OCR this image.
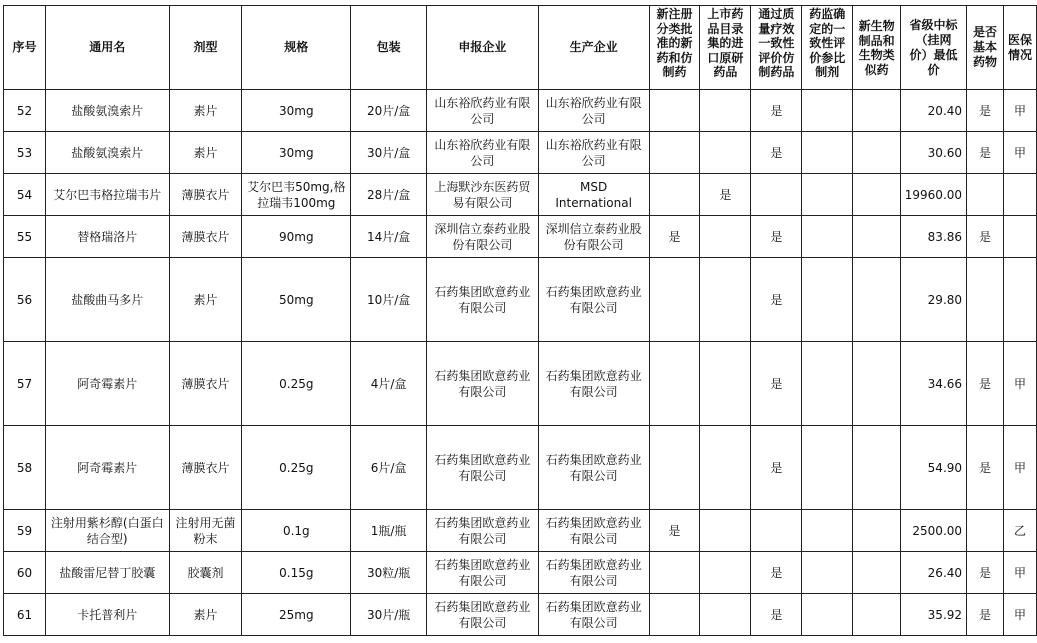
序号	通用名	剂型	规格	包装	申报企业	生产企业	新注册分类批准的新药和仿制药	上市药品目录集的进口原研药品	通过质量疗效一致性评价仿制药品	药监确定的一致性评价参比制剂	新生物制品和生物类似药	省级中标（挂网价）最低价	是否基本药物	医保情况
52	盐酸氨溴索片	素片	30mg	20片/盒	山东裕欣药业有限公司	山东裕欣药业有限公司			是			20.40	是	甲
53	盐酸氨溴索片	素片	30mg	30片/盒	山东裕欣药业有限公司	山东裕欣药业有限公司			是			30.60	是	甲
54	艾尔巴韦格拉瑞韦片	薄膜衣片	艾尔巴韦50mg,格拉瑞韦100mg	28片/盒	上海默沙东医药贸易有限公司	MSD International		是				19960.00		
55	替格瑞洛片	薄膜衣片	90mg	14片/盒	深圳信立泰药业股份有限公司	深圳信立泰药业股份有限公司	是		是			83.86	是	
56	盐酸曲马多片	素片	50mg	10片/盒	石药集团欧意药业有限公司	石药集团欧意药业有限公司			是			29.80		
57	阿奇霉素片	薄膜衣片	0.25g	4片/盒	石药集团欧意药业有限公司	石药集团欧意药业有限公司			是			34.66	是	甲
58	阿奇霉素片	薄膜衣片	0.25g	6片/盒	石药集团欧意药业有限公司	石药集团欧意药业有限公司			是			54.90	是	甲
59	注射用紫杉醇(白蛋白结合型)	注射用无菌粉末	0.1g	1瓶/瓶	石药集团欧意药业有限公司	石药集团欧意药业有限公司	是					2500.00		乙
60	盐酸雷尼替丁胶囊	胶囊剂	0.15g	30粒/瓶	石药集团欧意药业有限公司	石药集团欧意药业有限公司			是			26.40	是	甲
61	卡托普利片	素片	25mg	30片/瓶	石药集团欧意药业有限公司	石药集团欧意药业有限公司			是			35.92	是	甲
